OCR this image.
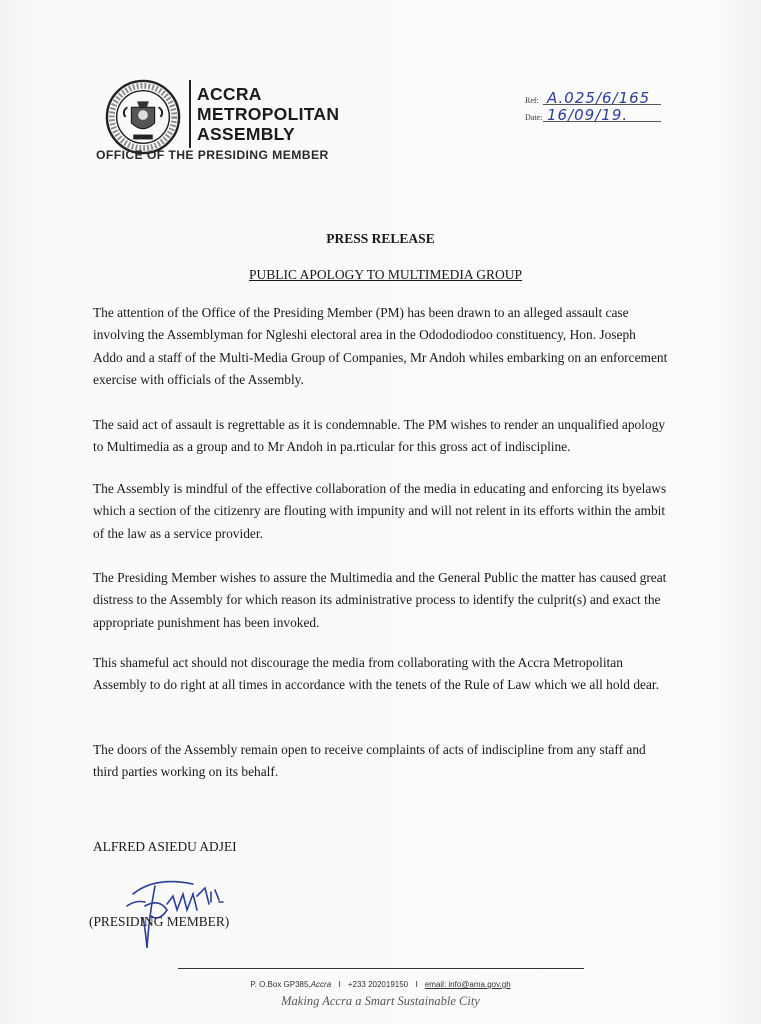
ACCRA
METROPOLITAN
ASSEMBLY
OFFICE OF THE PRESIDING MEMBER
Ref: A.025/6/165
Date: 16/09/19.
PRESS RELEASE
PUBLIC APOLOGY TO MULTIMEDIA GROUP

The attention of the Office of the Presiding Member (PM) has been drawn to an alleged assault case involving the Assemblyman for Ngleshi electoral area in the Odododiodoo constituency, Hon. Joseph Addo and a staff of the Multi-Media Group of Companies, Mr Andoh whiles embarking on an enforcement exercise with officials of the Assembly.

The said act of assault is regrettable as it is condemnable. The PM wishes to render an unqualified apology to Multimedia as a group and to Mr Andoh in pa.rticular for this gross act of indiscipline.

The Assembly is mindful of the effective collaboration of the media in educating and enforcing its byelaws which a section of the citizenry are flouting with impunity and will not relent in its efforts within the ambit of the law as a service provider.

The Presiding Member wishes to assure the Multimedia and the General Public the matter has caused great distress to the Assembly for which reason its administrative process to identify the culprit(s) and exact the appropriate punishment has been invoked.

This shameful act should not discourage the media from collaborating with the Accra Metropolitan Assembly to do right at all times in accordance with the tenets of the Rule of Law which we all hold dear.

The doors of the Assembly remain open to receive complaints of acts of indiscipline from any staff and third parties working on its behalf.

ALFRED ASIEDU ADJEI
(PRESIDING MEMBER)
P. O.Box GP385,Accra I +233 202019150 I email: info@ama.gov.gh
Making Accra a Smart Sustainable City
